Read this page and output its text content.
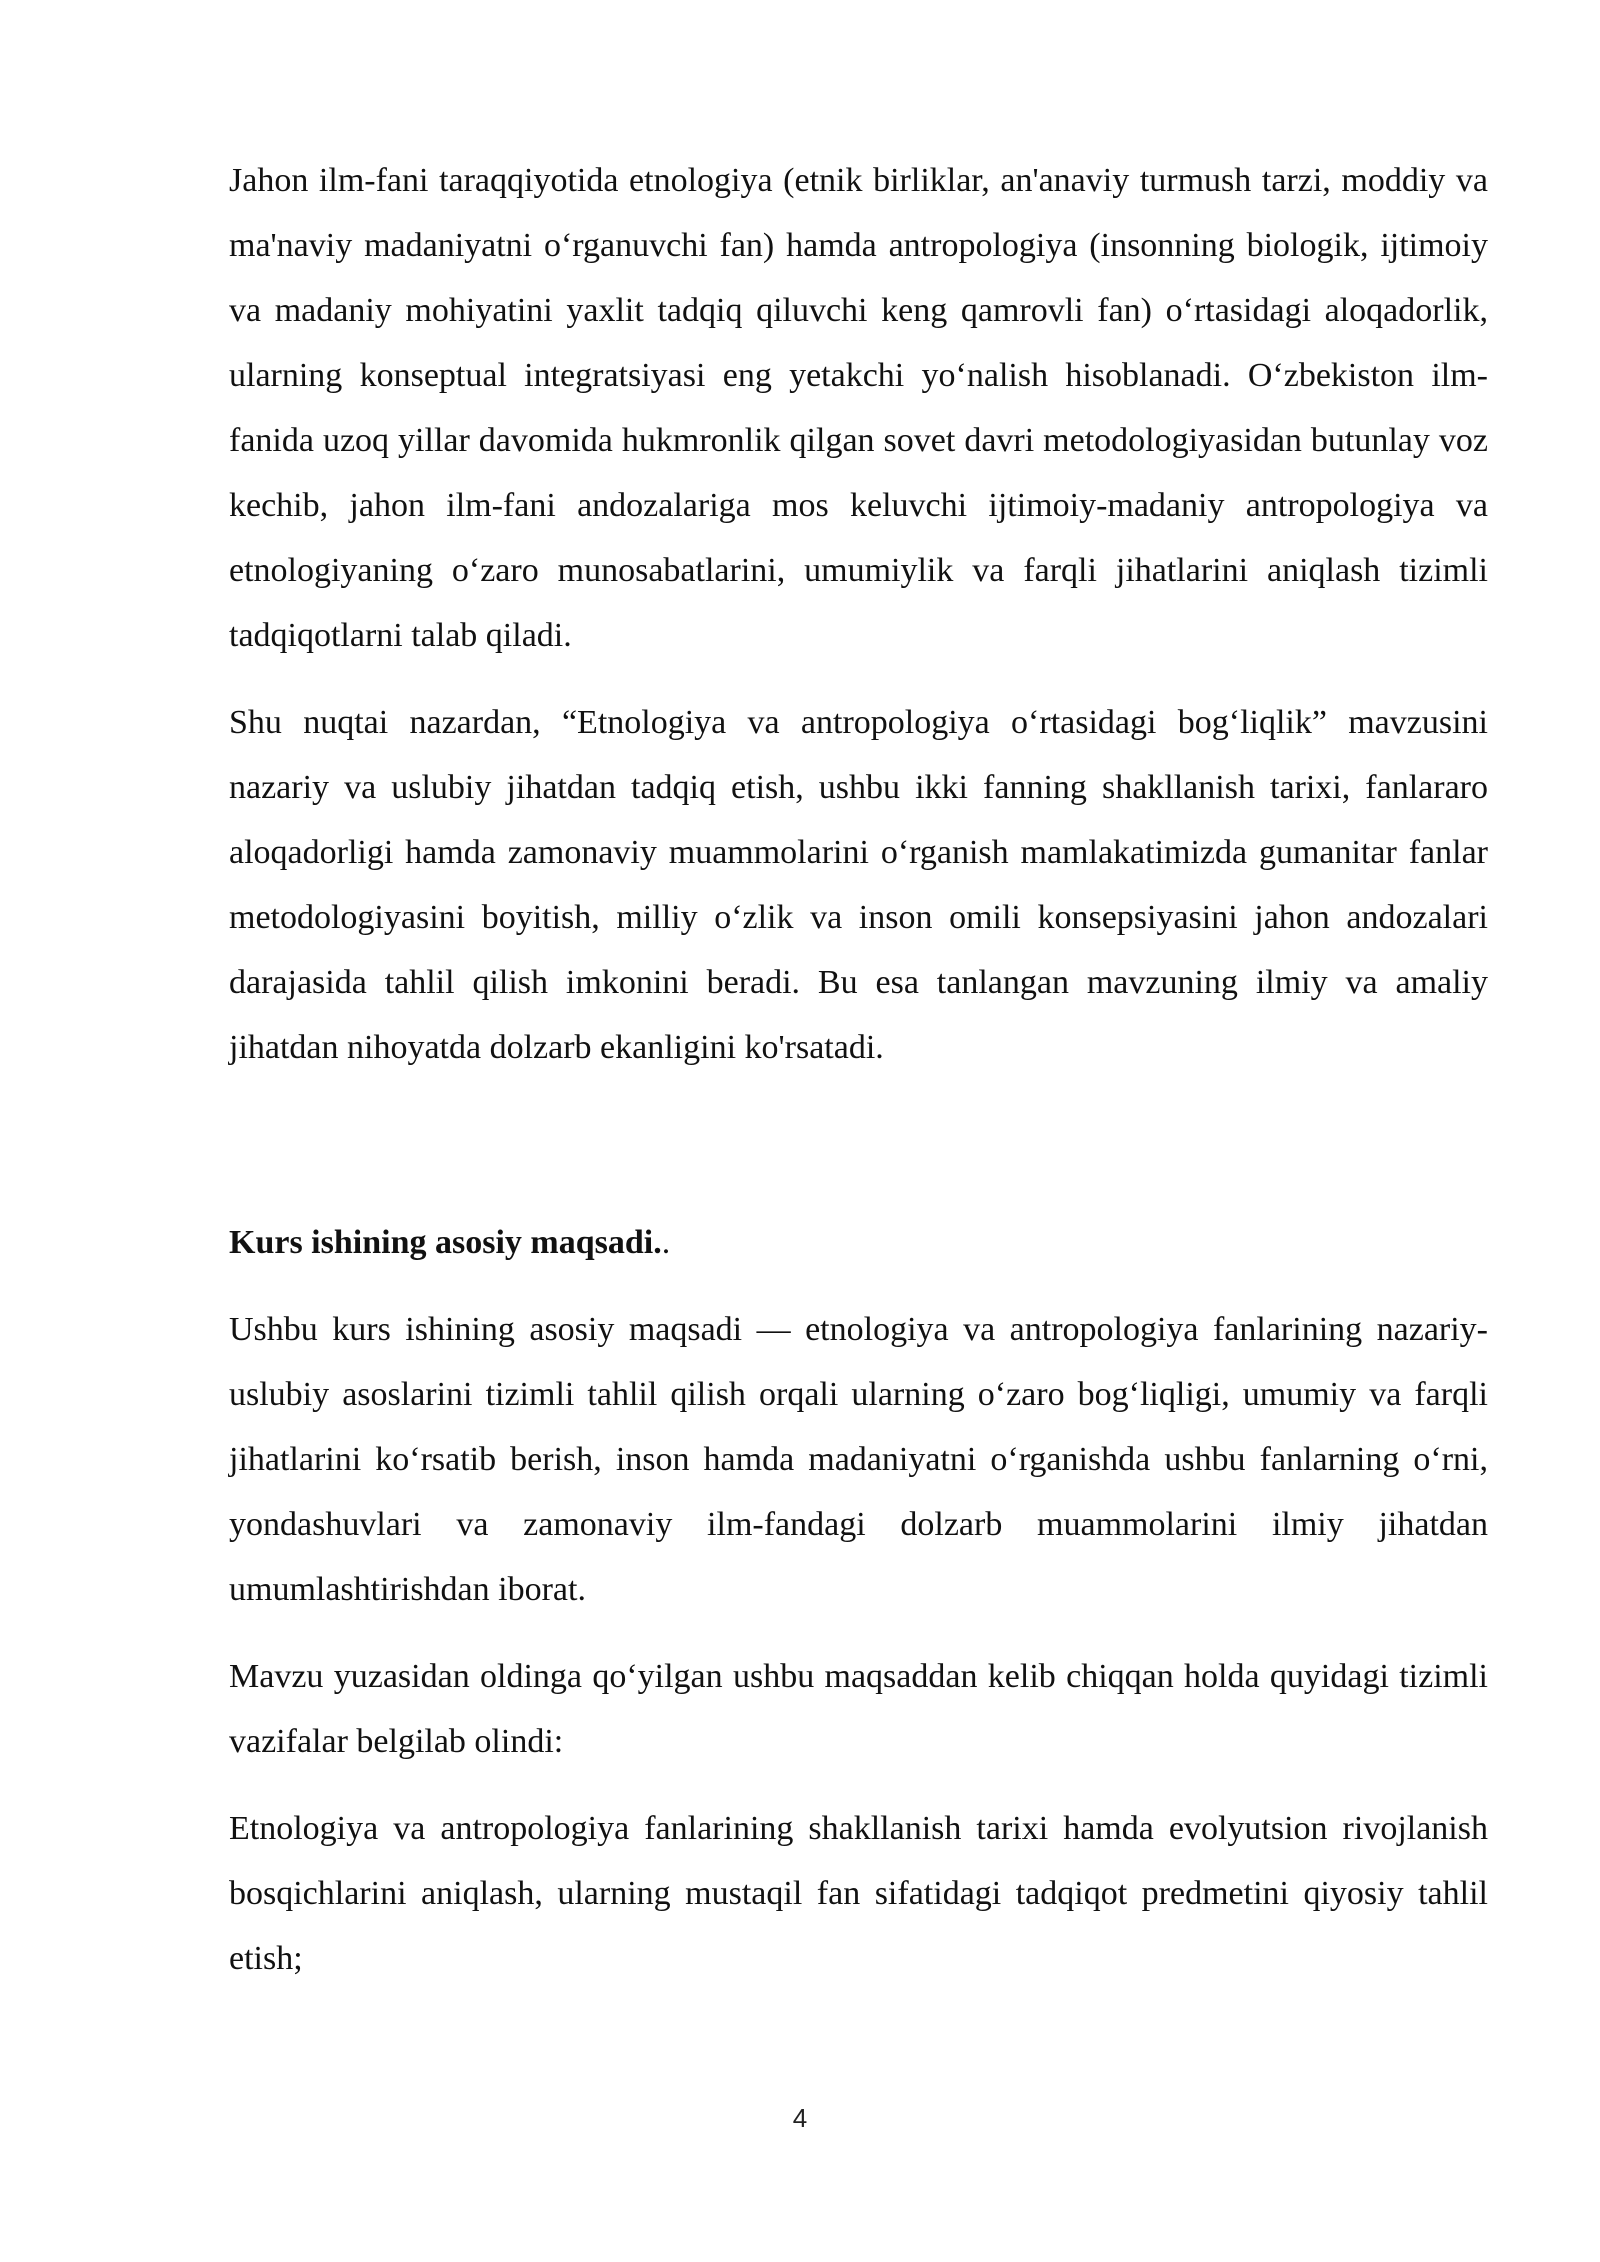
Jahon ilm-fani taraqqiyotida etnologiya (etnik birliklar, an'anaviy turmush tarzi, moddiy va ma'naviy madaniyatni o‘rganuvchi fan) hamda antropologiya (insonning biologik, ijtimoiy va madaniy mohiyatini yaxlit tadqiq qiluvchi keng qamrovli fan) o‘rtasidagi aloqadorlik, ularning konseptual integratsiyasi eng yetakchi yo‘nalish hisoblanadi. O‘zbekiston ilm-fanida uzoq yillar davomida hukmronlik qilgan sovet davri metodologiyasidan butunlay voz kechib, jahon ilm-fani andozalariga mos keluvchi ijtimoiy-madaniy antropologiya va etnologiyaning o‘zaro munosabatlarini, umumiylik va farqli jihatlarini aniqlash tizimli tadqiqotlarni talab qiladi.

Shu nuqtai nazardan, “Etnologiya va antropologiya o‘rtasidagi bog‘liqlik” mavzusini nazariy va uslubiy jihatdan tadqiq etish, ushbu ikki fanning shakllanish tarixi, fanlararo aloqadorligi hamda zamonaviy muammolarini o‘rganish mamlakatimizda gumanitar fanlar metodologiyasini boyitish, milliy o‘zlik va inson omili konsepsiyasini jahon andozalari darajasida tahlil qilish imkonini beradi. Bu esa tanlangan mavzuning ilmiy va amaliy jihatdan nihoyatda dolzarb ekanligini ko'rsatadi.

Kurs ishining asosiy maqsadi..

Ushbu kurs ishining asosiy maqsadi — etnologiya va antropologiya fanlarining nazariy-uslubiy asoslarini tizimli tahlil qilish orqali ularning o‘zaro bog‘liqligi, umumiy va farqli jihatlarini ko‘rsatib berish, inson hamda madaniyatni o‘rganishda ushbu fanlarning o‘rni, yondashuvlari va zamonaviy ilm-fandagi dolzarb muammolarini ilmiy jihatdan umumlashtirishdan iborat.

Mavzu yuzasidan oldinga qo‘yilgan ushbu maqsaddan kelib chiqqan holda quyidagi tizimli vazifalar belgilab olindi:

Etnologiya va antropologiya fanlarining shakllanish tarixi hamda evolyutsion rivojlanish bosqichlarini aniqlash, ularning mustaqil fan sifatidagi tadqiqot predmetini qiyosiy tahlil etish;

4
